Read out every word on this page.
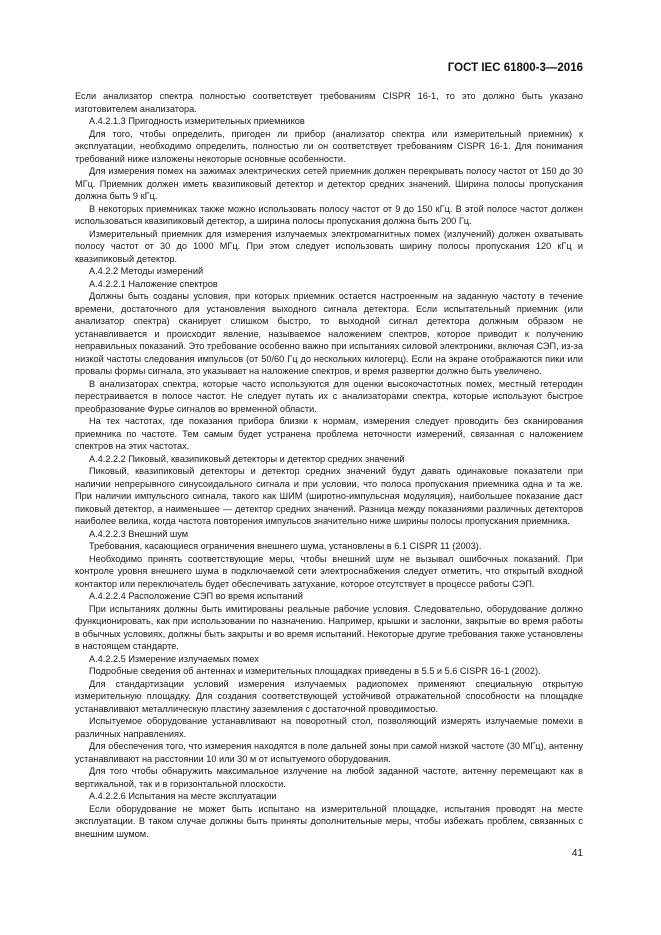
ГОСТ IEC 61800-3—2016

Если анализатор спектра полностью соответствует требованиям CISPR 16-1, то это должно быть указано изготовителем анализатора.

А.4.2.1.3 Пригодность измерительных приемников

Для того, чтобы определить, пригоден ли прибор (анализатор спектра или измерительный приемник) к эксплуатации, необходимо определить, полностью ли он соответствует требованиям CISPR 16-1. Для понимания требований ниже изложены некоторые основные особенности.

Для измерения помех на зажимах электрических сетей приемник должен перекрывать полосу частот от 150 до 30 МГц. Приемник должен иметь квазипиковый детектор и детектор средних значений. Ширина полосы пропускания должна быть 9 кГц.

В некоторых приемниках также можно использовать полосу частот от 9 до 150 кГц. В этой полосе частот должен использоваться квазипиковый детектор, а ширина полосы пропускания должна быть 200 Гц.

Измерительный приемник для измерения излучаемых электромагнитных помех (излучений) должен охватывать полосу частот от 30 до 1000 МГц. При этом следует использовать ширину полосы пропускания 120 кГц и квазипиковый детектор.

А.4.2.2 Методы измерений

А.4.2.2.1 Наложение спектров

Должны быть созданы условия, при которых приемник остается настроенным на заданную частоту в течение времени, достаточного для установления выходного сигнала детектора. Если испытательный приемник (или анализатор спектра) сканирует слишком быстро, то выходной сигнал детектора должным образом не устанавливается и происходит явление, называемое наложением спектров, которое приводит к получению неправильных показаний. Это требование особенно важно при испытаниях силовой электроники, включая СЭП, из-за низкой частоты следования импульсов (от 50/60 Гц до нескольких килогерц). Если на экране отображаются пики или провалы формы сигнала, это указывает на наложение спектров, и время развертки должно быть увеличено.

В анализаторах спектра, которые часто используются для оценки высокочастотных помех, местный гетеродин перестраивается в полосе частот. Не следует путать их с анализаторами спектра, которые используют быстрое преобразование Фурье сигналов во временной области.

На тех частотах, где показания прибора близки к нормам, измерения следует проводить без сканирования приемника по частоте. Тем самым будет устранена проблема неточности измерений, связанная с наложением спектров на этих частотах.

А.4.2.2.2 Пиковый, квазипиковый детекторы и детектор средних значений

Пиковый, квазипиковый детекторы и детектор средних значений будут давать одинаковые показатели при наличии непрерывного синусоидального сигнала и при условии, что полоса пропускания приемника одна и та же. При наличии импульсного сигнала, такого как ШИМ (широтно-импульсная модуляция), наибольшее показание даст пиковый детектор, а наименьшее — детектор средних значений. Разница между показаниями различных детекторов наиболее велика, когда частота повторения импульсов значительно ниже ширины полосы пропускания приемника.

А.4.2.2.3 Внешний шум

Требования, касающиеся ограничения внешнего шума, установлены в 6.1 CISPR 11 (2003).

Необходимо принять соответствующие меры, чтобы внешний шум не вызывал ошибочных показаний. При контроле уровня внешнего шума в подключаемой сети электроснабжения следует отметить, что открытый входной контактор или переключатель будет обеспечивать затухание, которое отсутствует в процессе работы СЭП.

А.4.2.2.4 Расположение СЭП во время испытаний

При испытаниях должны быть имитированы реальные рабочие условия. Следовательно, оборудование должно функционировать, как при использовании по назначению. Например, крышки и заслонки, закрытые во время работы в обычных условиях, должны быть закрыты и во время испытаний. Некоторые другие требования также установлены в настоящем стандарте.

А.4.2.2.5 Измерение излучаемых помех

Подробные сведения об антеннах и измерительных площадках приведены в 5.5 и 5.6 CISPR 16-1 (2002).

Для стандартизации условий измерения излучаемых радиопомех применяют специальную открытую измерительную площадку. Для создания соответствующей устойчивой отражательной способности на площадке устанавливают металлическую пластину заземления с достаточной проводимостью.

Испытуемое оборудование устанавливают на поворотный стол, позволяющий измерять излучаемые помехи в различных направлениях.

Для обеспечения того, что измерения находятся в поле дальней зоны при самой низкой частоте (30 МГц), антенну устанавливают на расстоянии 10 или 30 м от испытуемого оборудования.

Для того чтобы обнаружить максимальное излучение на любой заданной частоте, антенну перемещают как в вертикальной, так и в горизонтальной плоскости.

А.4.2.2.6 Испытания на месте эксплуатации

Если оборудование не может быть испытано на измерительной площадке, испытания проводят на месте эксплуатации. В таком случае должны быть приняты дополнительные меры, чтобы избежать проблем, связанных с внешним шумом.

41
